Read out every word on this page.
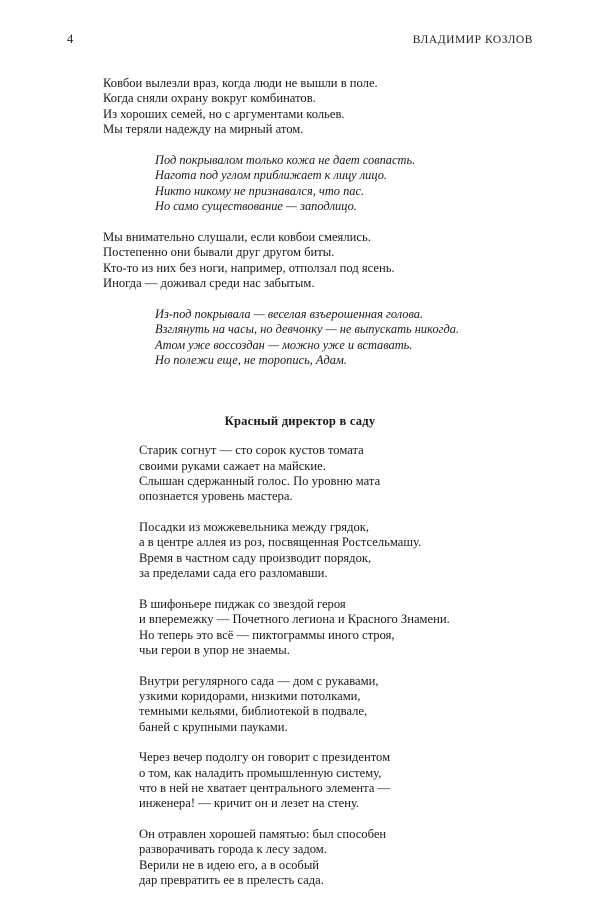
4	ВЛАДИМИР КОЗЛОВ
Ковбои вылезли враз, когда люди не вышли в поле.
Когда сняли охрану вокруг комбинатов.
Из хороших семей, но с аргументами кольев.
Мы теряли надежду на мирный атом.
Под покрывалом только кожа не дает совпасть.
Нагота под углом приближает к лицу лицо.
Никто никому не признавался, что пас.
Но само существование — заподлицо.
Мы внимательно слушали, если ковбои смеялись.
Постепенно они бывали друг другом биты.
Кто-то из них без ноги, например, отползал под ясень.
Иногда — доживал среди нас забытым.
Из-под покрывала — веселая взъерошенная голова.
Взглянуть на часы, но девчонку — не выпускать никогда.
Атом уже воссоздан — можно уже и вставать.
Но полежи еще, не торопись, Адам.
Красный директор в саду
Старик согнут — сто сорок кустов томата
своими руками сажает на майские.
Слышан сдержанный голос. По уровню мата
опознается уровень мастера.
Посадки из можжевельника между грядок,
а в центре аллея из роз, посвященная Ростсельмашу.
Время в частном саду производит порядок,
за пределами сада его разломавши.
В шифоньере пиджак со звездой героя
и вперемежку — Почетного легиона и Красного Знамени.
Но теперь это всё — пиктограммы иного строя,
чьи герои в упор не знаемы.
Внутри регулярного сада — дом с рукавами,
узкими коридорами, низкими потолками,
темными кельями, библиотекой в подвале,
баней с крупными пауками.
Через вечер подолгу он говорит с президентом
о том, как наладить промышленную систему,
что в ней не хватает центрального элемента —
инженера! — кричит он и лезет на стену.
Он отравлен хорошей памятью: был способен
разворачивать города к лесу задом.
Верили не в идею его, а в особый
дар превратить ее в прелесть сада.
